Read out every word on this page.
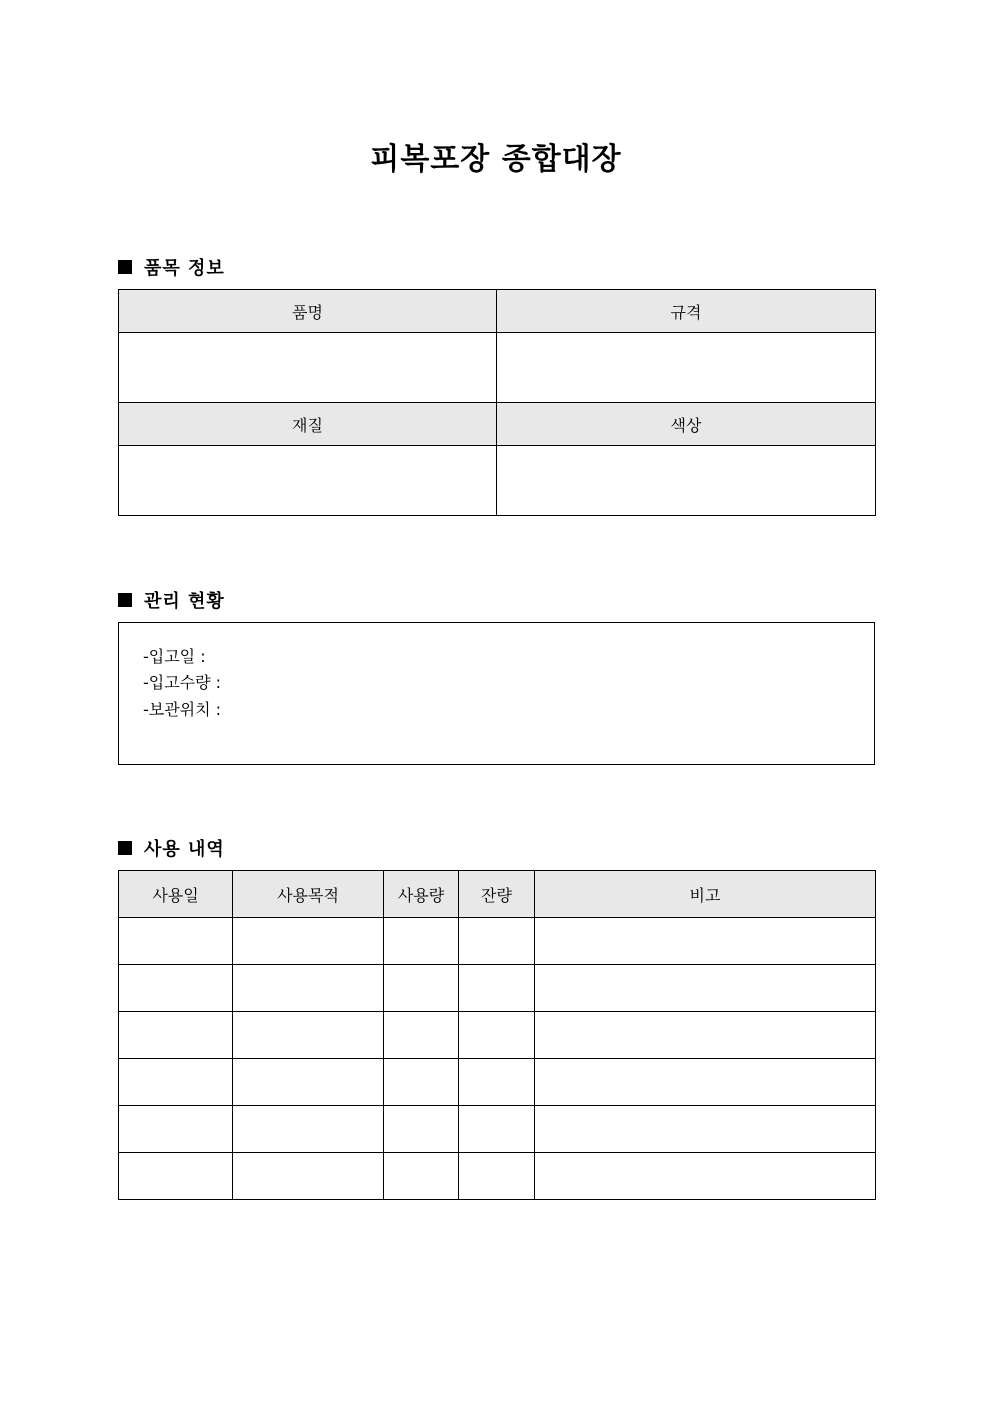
피복포장 종합대장
품목 정보
품명	규격

재질	색상

관리 현황
-입고일 :
-입고수량 :
-보관위치 :
사용 내역
사용일	사용목적	사용량	잔량	비고
